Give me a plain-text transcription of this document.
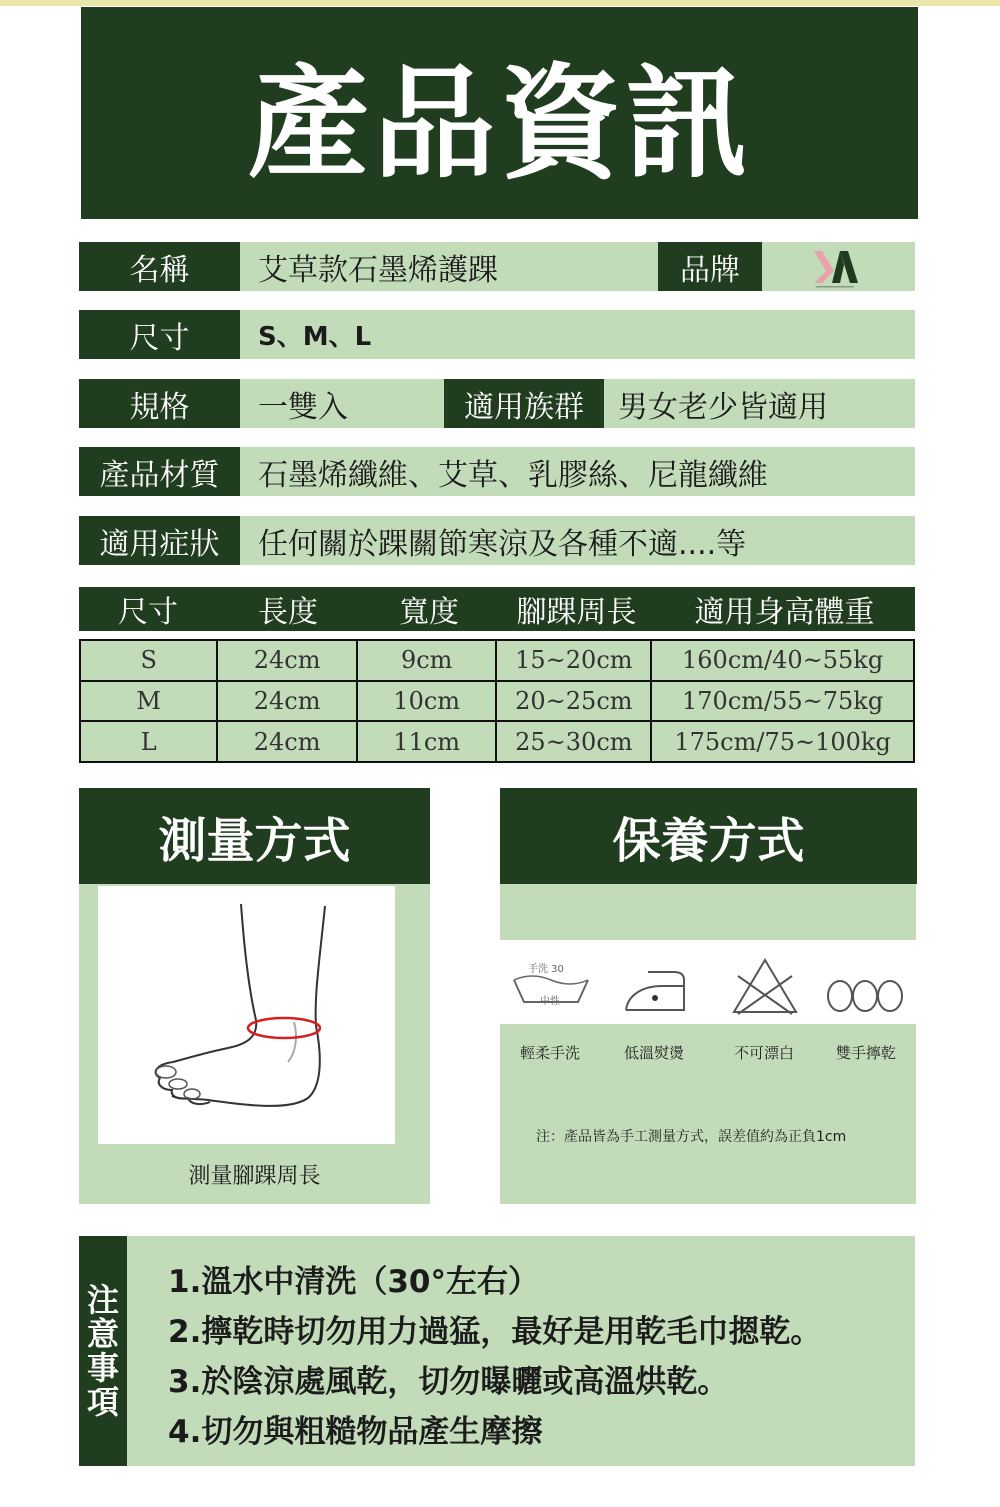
產品資訊
名稱	艾草款石墨烯護踝	品牌
尺寸	S、M、L
規格	一雙入	適用族群	男女老少皆適用
產品材質	石墨烯纖維、艾草、乳膠絲、尼龍纖維
適用症狀	任何關於踝關節寒涼及各種不適....等
尺寸	長度	寬度	腳踝周長	適用身高體重
S	24cm	9cm	15~20cm	160cm/40~55kg
M	24cm	10cm	20~25cm	170cm/55~75kg
L	24cm	11cm	25~30cm	175cm/75~100kg
測量方式
測量腳踝周長
保養方式
手洗 30
中性
輕柔手洗	低溫熨燙	不可漂白	雙手擰乾
注：產品皆為手工測量方式，誤差值約為正負1cm
注
意
事
項
1.溫水中清洗（30°左右）
2.擰乾時切勿用力過猛，最好是用乾毛巾摁乾。
3.於陰涼處風乾，切勿曝曬或高溫烘乾。
4.切勿與粗糙物品產生摩擦
